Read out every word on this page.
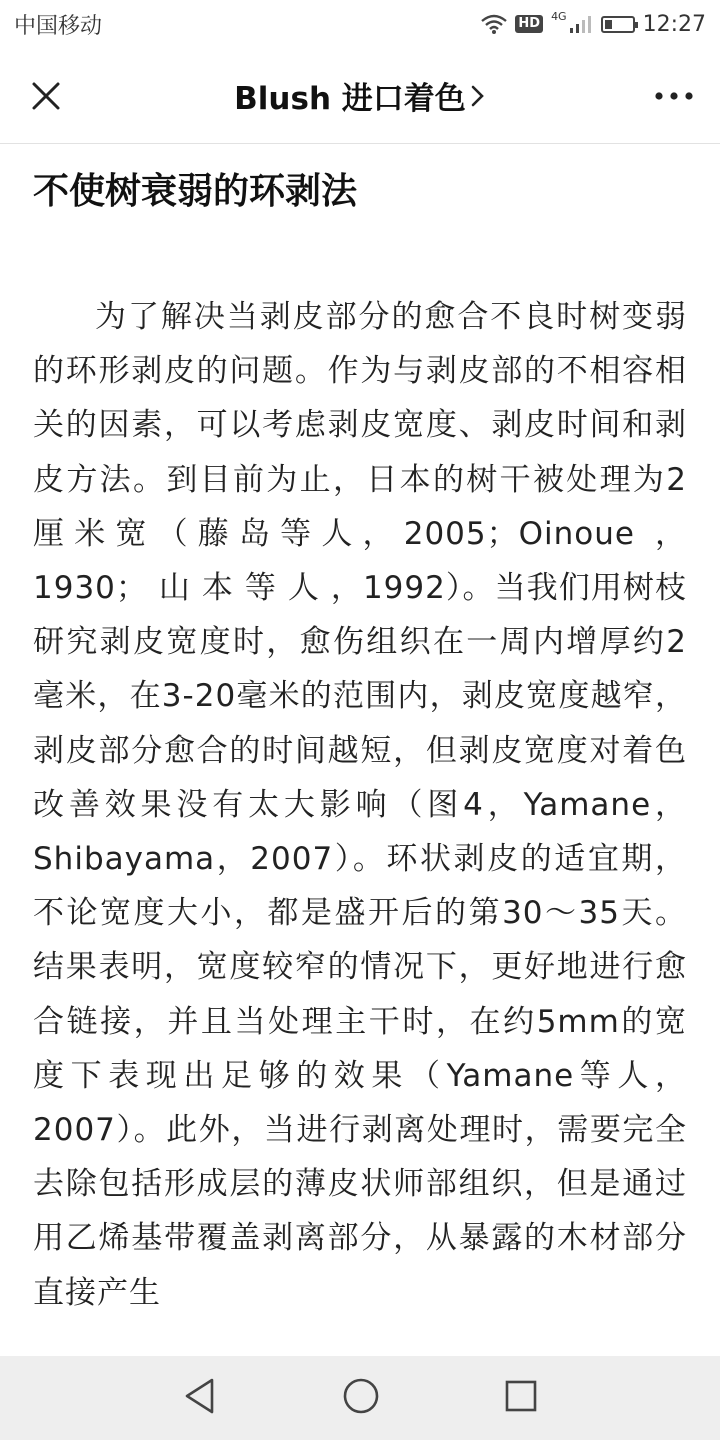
中国移动	HD 4G	12:27
Blush 进口着色
不使树衰弱的环剥法

为了解决当剥皮部分的愈合不良时树变弱的环形剥皮的问题。作为与剥皮部的不相容相关的因素，可以考虑剥皮宽度、剥皮时间和剥皮方法。到目前为止，日本的树干被处理为2厘米宽（藤岛等人，2005；Oinoue ， 1930； 山 本 等 人 ，1992）。当我们用树枝研究剥皮宽度时，愈伤组织在一周内增厚约2毫米，在3-20毫米的范围内，剥皮宽度越窄，剥皮部分愈合的时间越短，但剥皮宽度对着色改善效果没有太大影响（图4，Yamane，Shibayama，2007）。环状剥皮的适宜期，不论宽度大小，都是盛开后的第30～35天。结果表明，宽度较窄的情况下，更好地进行愈合链接，并且当处理主干时，在约5mm的宽度下表现出足够的效果（Yamane等人，2007）。此外，当进行剥离处理时，需要完全去除包括形成层的薄皮状师部组织，但是通过用乙烯基带覆盖剥离部分，从暴露的木材部分直接产生
